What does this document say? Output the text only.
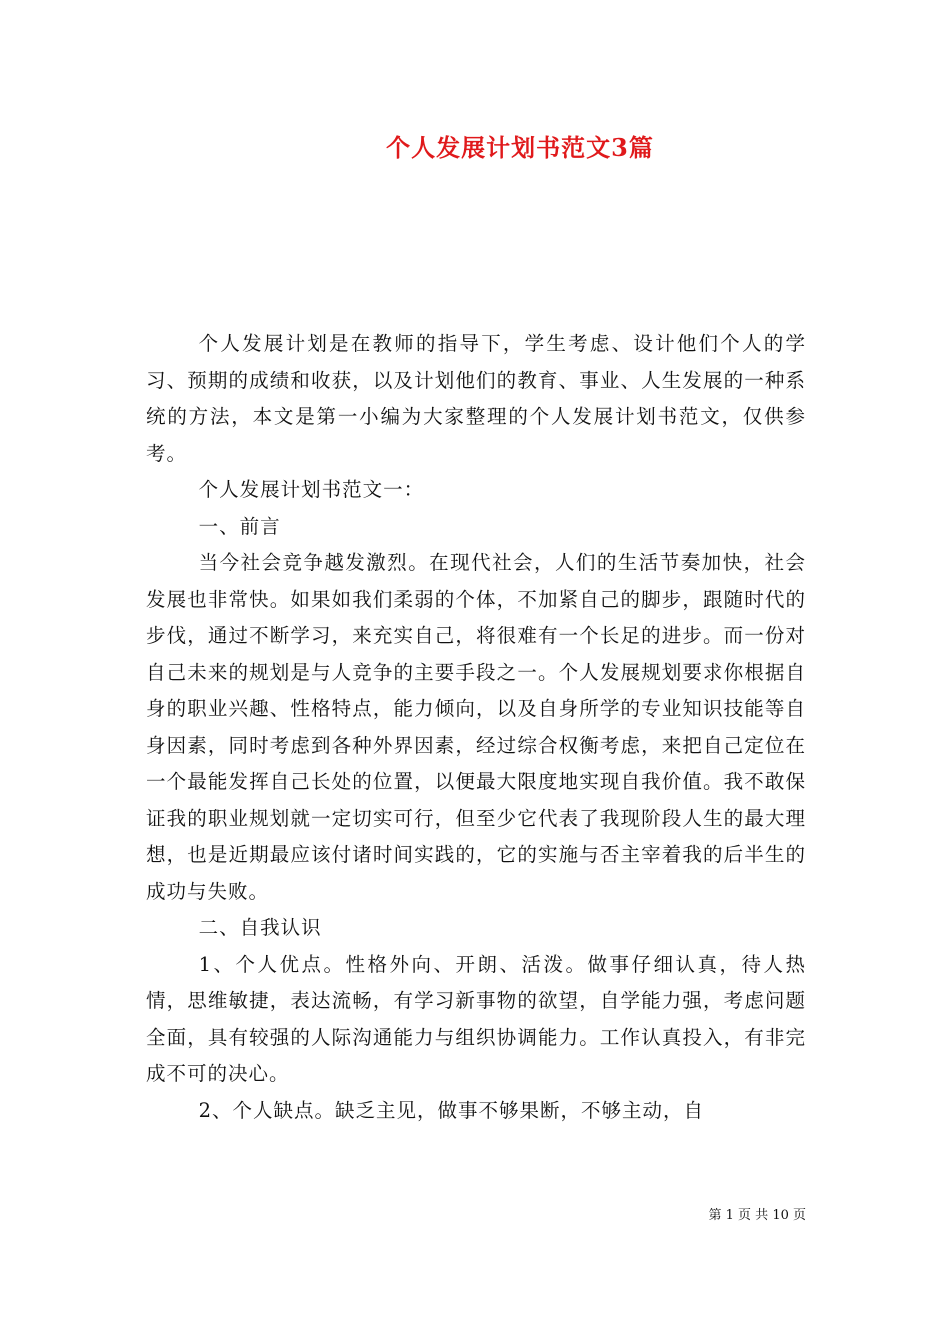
个人发展计划书范文3篇

个人发展计划是在教师的指导下，学生考虑、设计他们个人的学习、预期的成绩和收获，以及计划他们的教育、事业、人生发展的一种系统的方法，本文是第一小编为大家整理的个人发展计划书范文，仅供参考。

个人发展计划书范文一：

一、前言

当今社会竞争越发激烈。在现代社会，人们的生活节奏加快，社会发展也非常快。如果如我们柔弱的个体，不加紧自己的脚步，跟随时代的步伐，通过不断学习，来充实自己，将很难有一个长足的进步。而一份对自己未来的规划是与人竞争的主要手段之一。个人发展规划要求你根据自身的职业兴趣、性格特点，能力倾向，以及自身所学的专业知识技能等自身因素，同时考虑到各种外界因素，经过综合权衡考虑，来把自己定位在一个最能发挥自己长处的位置，以便最大限度地实现自我价值。我不敢保证我的职业规划就一定切实可行，但至少它代表了我现阶段人生的最大理想，也是近期最应该付诸时间实践的，它的实施与否主宰着我的后半生的成功与失败。

二、自我认识

1、个人优点。性格外向、开朗、活泼。做事仔细认真，待人热情，思维敏捷，表达流畅，有学习新事物的欲望，自学能力强，考虑问题全面，具有较强的人际沟通能力与组织协调能力。工作认真投入，有非完成不可的决心。

2、个人缺点。缺乏主见，做事不够果断，不够主动，自

第 1 页 共 10 页
